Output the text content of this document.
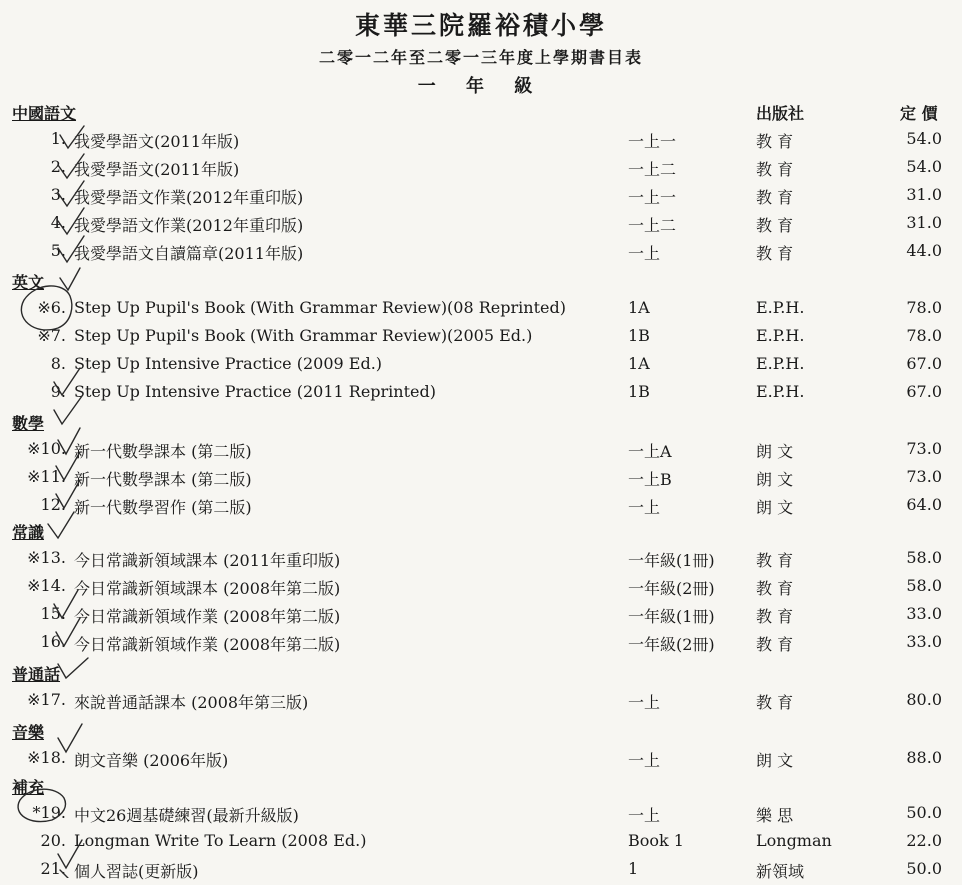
東華三院羅裕積小學
二零一二年至二零一三年度上學期書目表
一 年 級
出版社	定 價
中國語文
1. 我愛學語文(2011年版)	一上一	教 育	54.0
2. 我愛學語文(2011年版)	一上二	教 育	54.0
3. 我愛學語文作業(2012年重印版)	一上一	教 育	31.0
4. 我愛學語文作業(2012年重印版)	一上二	教 育	31.0
5. 我愛學語文自讀篇章(2011年版)	一上	教 育	44.0
英文
※6. Step Up Pupil's Book (With Grammar Review)(08 Reprinted)	1A	E.P.H.	78.0
※7. Step Up Pupil's Book (With Grammar Review)(2005 Ed.)	1B	E.P.H.	78.0
8. Step Up Intensive Practice (2009 Ed.)	1A	E.P.H.	67.0
9. Step Up Intensive Practice (2011 Reprinted)	1B	E.P.H.	67.0
數學
※10. 新一代數學課本 (第二版)	一上A	朗 文	73.0
※11. 新一代數學課本 (第二版)	一上B	朗 文	73.0
12. 新一代數學習作 (第二版)	一上	朗 文	64.0
常識
※13. 今日常識新領域課本 (2011年重印版)	一年級(1冊)	教 育	58.0
※14. 今日常識新領域課本 (2008年第二版)	一年級(2冊)	教 育	58.0
15. 今日常識新領域作業 (2008年第二版)	一年級(1冊)	教 育	33.0
16. 今日常識新領域作業 (2008年第二版)	一年級(2冊)	教 育	33.0
普通話
※17. 來說普通話課本 (2008年第三版)	一上	教 育	80.0
音樂
※18. 朗文音樂 (2006年版)	一上	朗 文	88.0
補充
*19. 中文26週基礎練習(最新升級版)	一上	樂 思	50.0
20. Longman Write To Learn (2008 Ed.)	Book 1	Longman	22.0
21. 個人習誌(更新版)	1	新領域	50.0
